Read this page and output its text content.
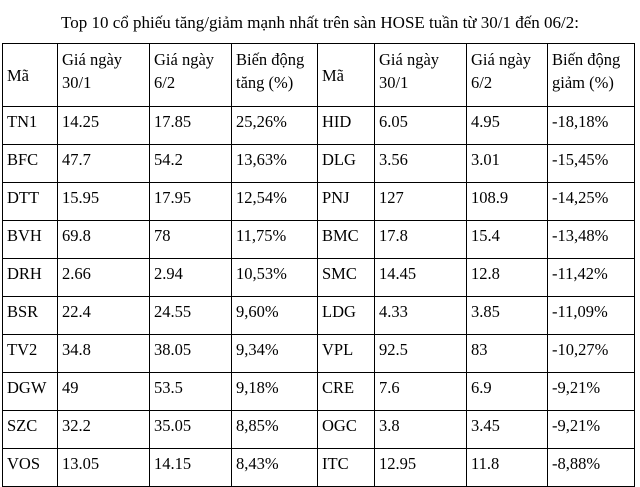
Top 10 cổ phiếu tăng/giảm mạnh nhất trên sàn HOSE tuần từ 30/1 đến 06/2:
Mã	Giá ngày 30/1	Giá ngày 6/2	Biến động tăng (%)	Mã	Giá ngày 30/1	Giá ngày 6/2	Biến động giảm (%)
TN1	14.25	17.85	25,26%	HID	6.05	4.95	-18,18%
BFC	47.7	54.2	13,63%	DLG	3.56	3.01	-15,45%
DTT	15.95	17.95	12,54%	PNJ	127	108.9	-14,25%
BVH	69.8	78	11,75%	BMC	17.8	15.4	-13,48%
DRH	2.66	2.94	10,53%	SMC	14.45	12.8	-11,42%
BSR	22.4	24.55	9,60%	LDG	4.33	3.85	-11,09%
TV2	34.8	38.05	9,34%	VPL	92.5	83	-10,27%
DGW	49	53.5	9,18%	CRE	7.6	6.9	-9,21%
SZC	32.2	35.05	8,85%	OGC	3.8	3.45	-9,21%
VOS	13.05	14.15	8,43%	ITC	12.95	11.8	-8,88%
